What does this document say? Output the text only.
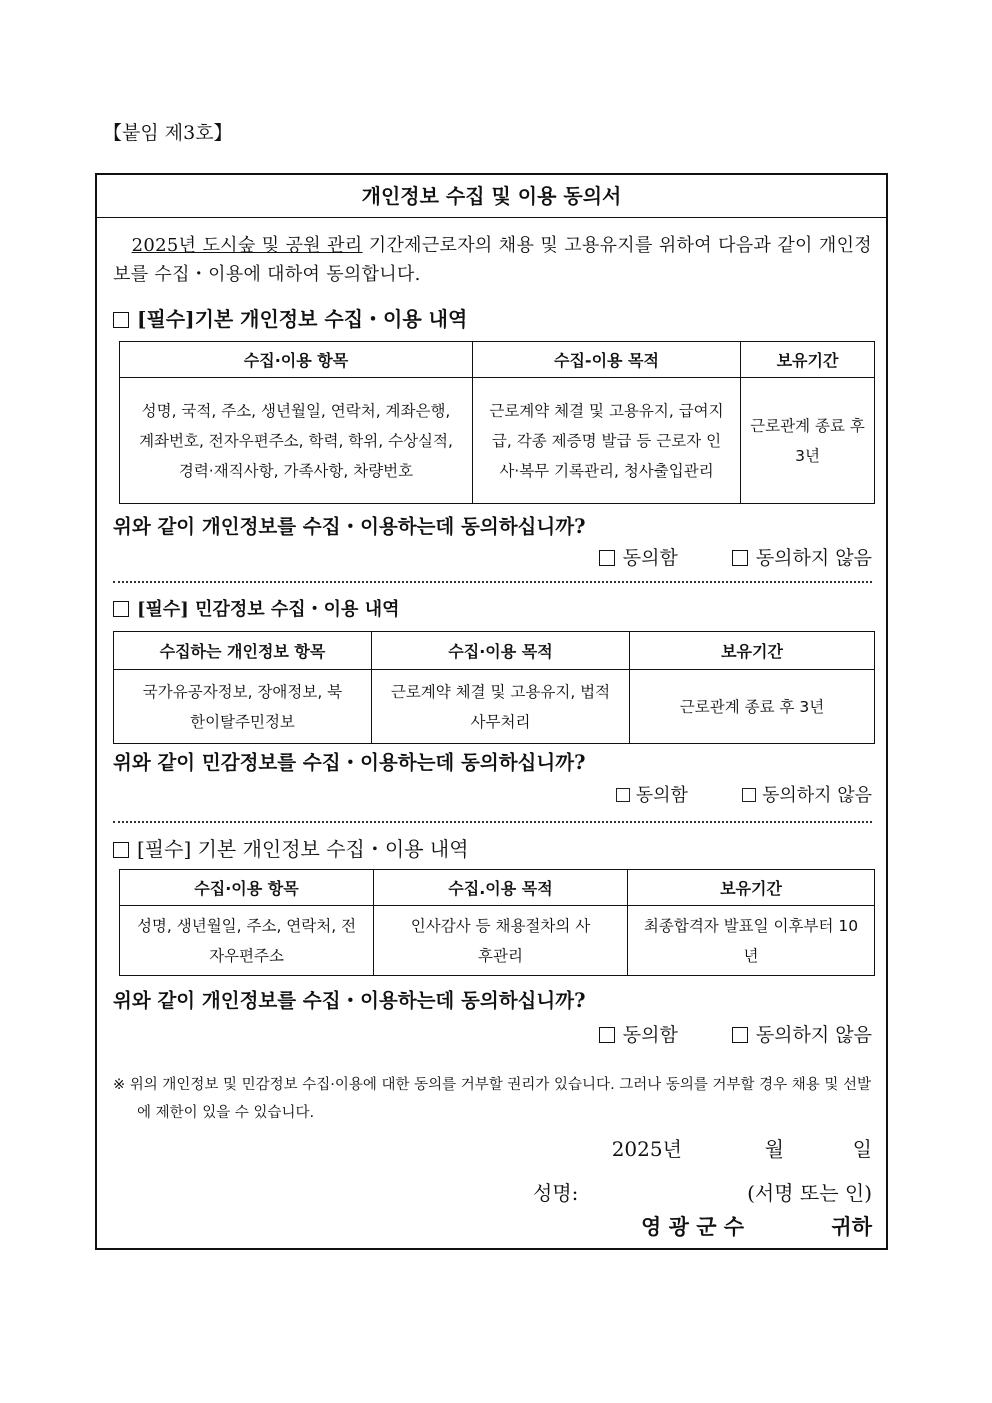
【붙임 제3호】
개인정보 수집 및 이용 동의서
2025년 도시숲 및 공원 관리 기간제근로자의 채용 및 고용유지를 위하여 다음과 같이 개인정보를 수집・이용에 대하여 동의합니다.
[필수]기본 개인정보 수집・이용 내역
수집·이용 항목	수집-이용 목적	보유기간
성명, 국적, 주소, 생년월일, 연락처, 계좌은행, 계좌번호, 전자우편주소, 학력, 학위, 수상실적, 경력·재직사항, 가족사항, 차량번호	근로계약 체결 및 고용유지, 급여지급, 각종 제증명 발급 등 근로자 인사·복무 기록관리, 청사출입관리	근로관계 종료 후 3년
위와 같이 개인정보를 수집・이용하는데 동의하십니까?
동의함	동의하지 않음
[필수] 민감정보 수집・이용 내역
수집하는 개인정보 항목	수집·이용 목적	보유기간
국가유공자정보, 장애정보, 북한이탈주민정보	근로계약 체결 및 고용유지, 법적사무처리	근로관계 종료 후 3년
위와 같이 민감정보를 수집・이용하는데 동의하십니까?
동의함	동의하지 않음
[필수] 기본 개인정보 수집・이용 내역
수집·이용 항목	수집.이용 목적	보유기간
성명, 생년월일, 주소, 연락처, 전자우편주소	인사감사 등 채용절차의 사후관리	최종합격자 발표일 이후부터 10년
위와 같이 개인정보를 수집・이용하는데 동의하십니까?
동의함	동의하지 않음
※ 위의 개인정보 및 민감정보 수집·이용에 대한 동의를 거부할 권리가 있습니다. 그러나 동의를 거부할 경우 채용 및 선발에 제한이 있을 수 있습니다.
2025년	월	일
성명:	(서명 또는 인)
영 광 군 수	귀하
